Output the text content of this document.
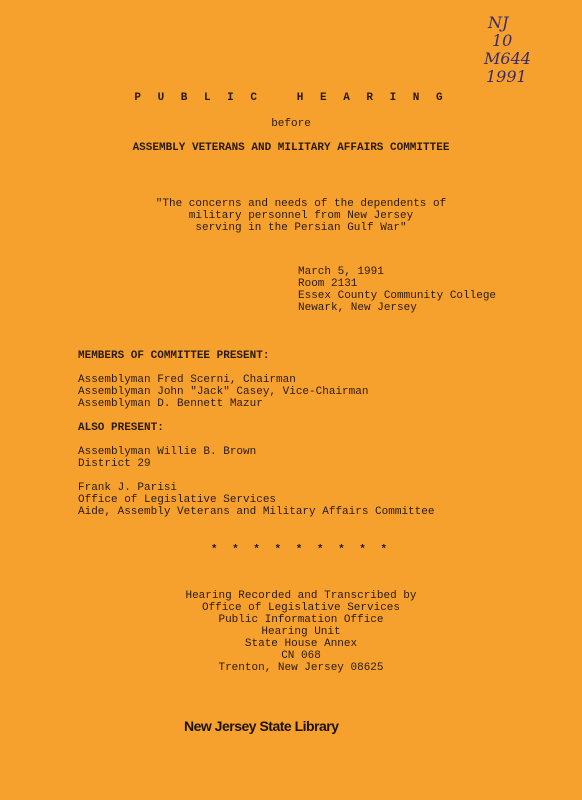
NJ
10
M644
1991
P U B L I C   H E A R I N G
before
ASSEMBLY VETERANS AND MILITARY AFFAIRS COMMITTEE
"The concerns and needs of the dependents of
military personnel from New Jersey
serving in the Persian Gulf War"
March 5, 1991
Room 2131
Essex County Community College
Newark, New Jersey
MEMBERS OF COMMITTEE PRESENT:
Assemblyman Fred Scerni, Chairman
Assemblyman John "Jack" Casey, Vice-Chairman
Assemblyman D. Bennett Mazur
ALSO PRESENT:
Assemblyman Willie B. Brown
District 29
Frank J. Parisi
Office of Legislative Services
Aide, Assembly Veterans and Military Affairs Committee
* * * * * * * * *
Hearing Recorded and Transcribed by
Office of Legislative Services
Public Information Office
Hearing Unit
State House Annex
CN 068
Trenton, New Jersey 08625
New Jersey State Library
